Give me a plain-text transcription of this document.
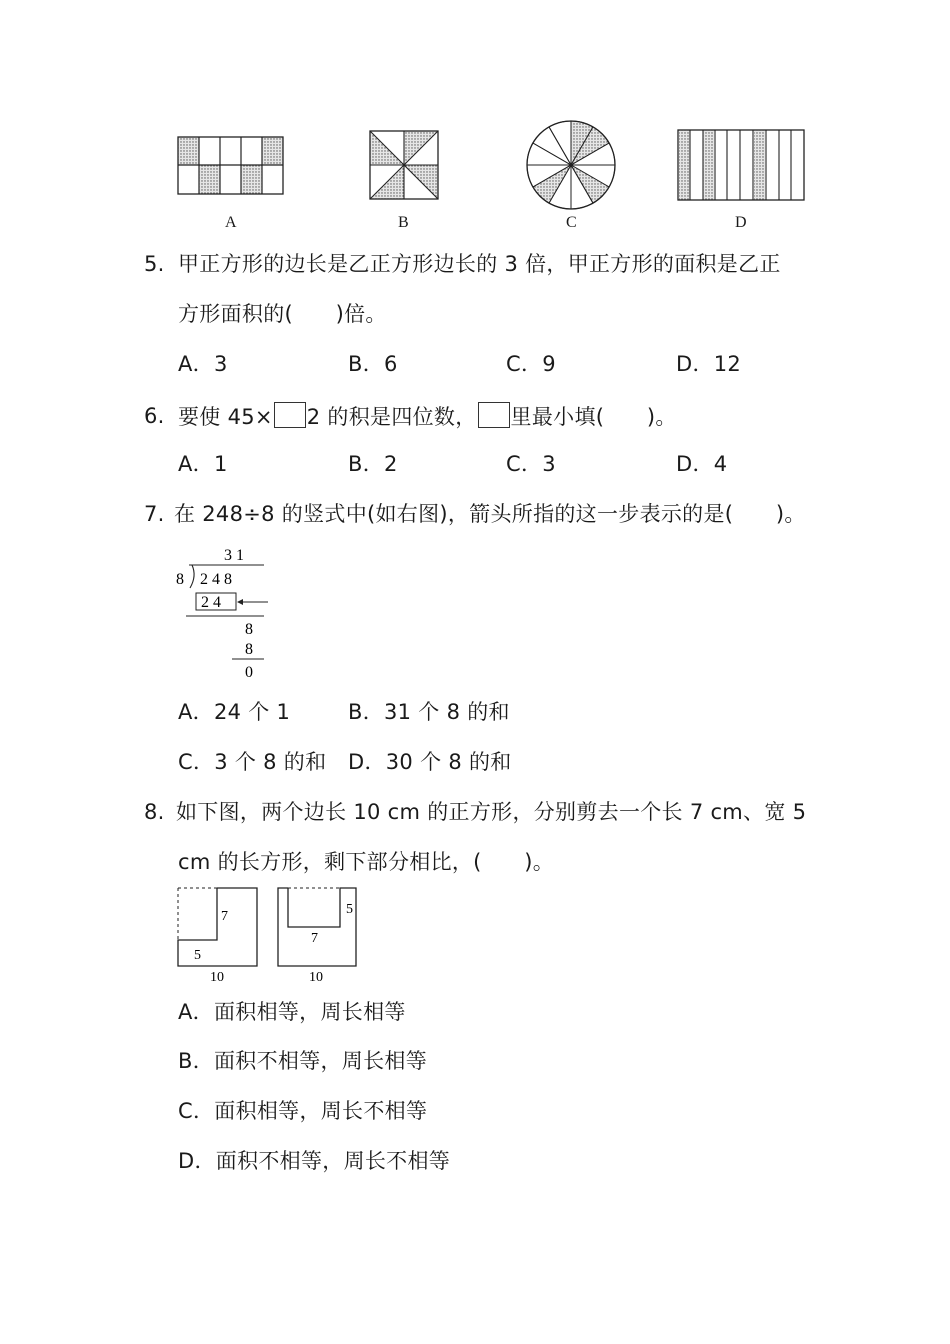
A	B	C	D
5. 甲正方形的边长是乙正方形边长的 3 倍，甲正方形的面积是乙正
方形面积的(　　)倍。
A．3	B．6	C．9	D．12
6. 要使 45× 2 的积是四位数， 里最小填(　　)。
A．1	B．2	C．3	D．4
7. 在 248÷8 的竖式中(如右图)，箭头所指的这一步表示的是(　　)。
3 1
8 2 4 8
2 4
8
8
0
A．24 个 1	B．31 个 8 的和
C．3 个 8 的和 D．30 个 8 的和
8. 如下图，两个边长 10 cm 的正方形，分别剪去一个长 7 cm、宽 5
cm 的长方形，剩下部分相比，(　　)。
7
5
10
5
7
10
A．面积相等，周长相等
B．面积不相等，周长相等
C．面积相等，周长不相等
D．面积不相等，周长不相等
